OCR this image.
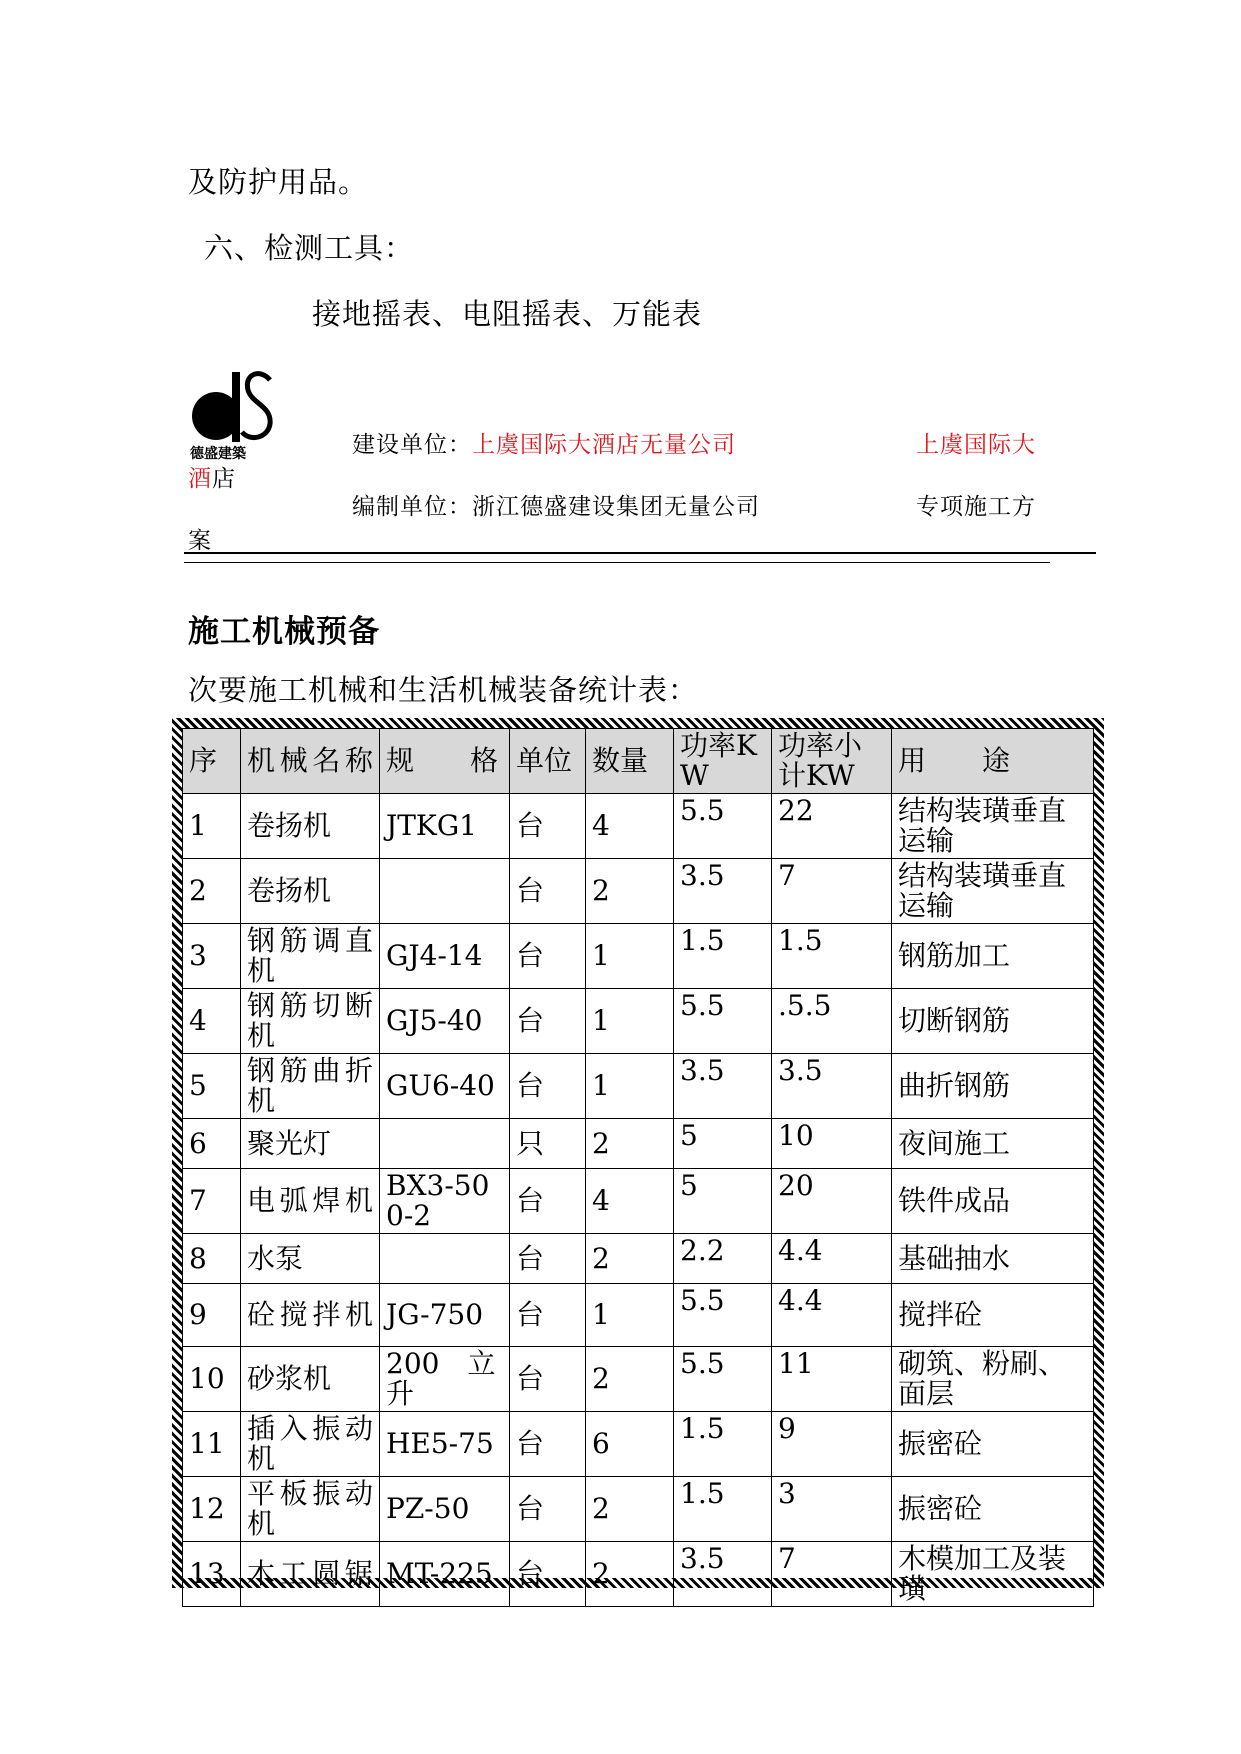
及防护用品。
六、检测工具：
接地摇表、电阻摇表、万能表
德盛建築	建设单位：上虞国际大酒店无量公司	上虞国际大
酒店
编制单位：浙江德盛建设集团无量公司	专项施工方
案
施工机械预备
次要施工机械和生活机械装备统计表：
序	机械名称	规　　格	单位	数量	功率KW	功率小计KW	用　　途
1	卷扬机	JTKG1	台	4	5.5	22	结构装璜垂直运输
2	卷扬机		台	2	3.5	7	结构装璜垂直运输
3	钢筋调直机	GJ4-14	台	1	1.5	1.5	钢筋加工
4	钢筋切断机	GJ5-40	台	1	5.5	.5.5	切断钢筋
5	钢筋曲折机	GU6-40	台	1	3.5	3.5	曲折钢筋
6	聚光灯		只	2	5	10	夜间施工
7	电弧焊机	BX3-500-2	台	4	5	20	铁件成品
8	水泵		台	2	2.2	4.4	基础抽水
9	砼搅拌机	JG-750	台	1	5.5	4.4	搅拌砼
10	砂浆机	200　立升	台	2	5.5	11	砌筑、粉刷、面层
11	插入振动机	HE5-75	台	6	1.5	9	振密砼
12	平板振动机	PZ-50	台	2	1.5	3	振密砼
13	木工圆锯	MT-225	台	2	3.5	7	木模加工及装璜
